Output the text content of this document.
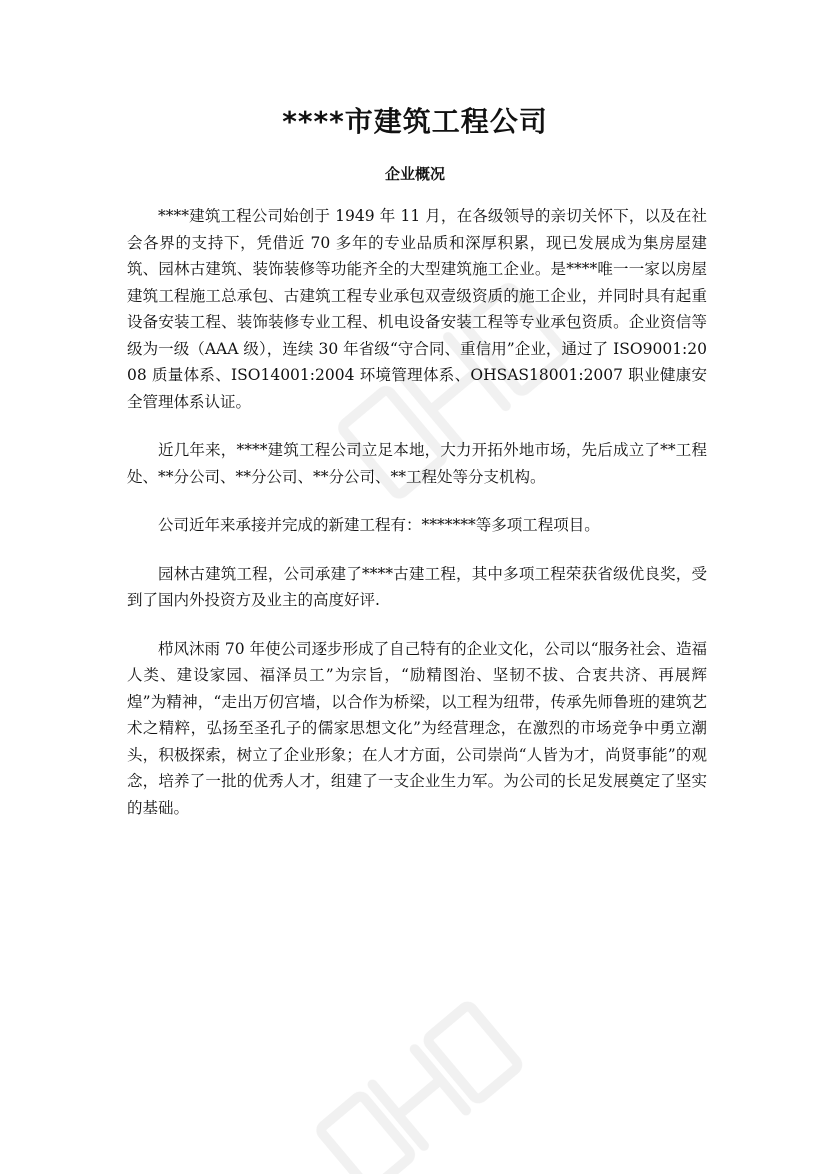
****市建筑工程公司
企业概况

****建筑工程公司始创于 1949 年 11 月，在各级领导的亲切关怀下，以及在社会各界的支持下，凭借近 70 多年的专业品质和深厚积累，现已发展成为集房屋建筑、园林古建筑、装饰装修等功能齐全的大型建筑施工企业。是****唯一一家以房屋建筑工程施工总承包、古建筑工程专业承包双壹级资质的施工企业，并同时具有起重设备安装工程、装饰装修专业工程、机电设备安装工程等专业承包资质。企业资信等级为一级（AAA 级），连续 30 年省级“守合同、重信用”企业，通过了 ISO9001:2008 质量体系、ISO14001:2004 环境管理体系、OHSAS18001:2007 职业健康安全管理体系认证。

近几年来，****建筑工程公司立足本地，大力开拓外地市场，先后成立了**工程处、**分公司、**分公司、**分公司、**工程处等分支机构。

公司近年来承接并完成的新建工程有：*******等多项工程项目。

园林古建筑工程，公司承建了****古建工程，其中多项工程荣获省级优良奖，受到了国内外投资方及业主的高度好评.

栉风沐雨 70 年使公司逐步形成了自己特有的企业文化，公司以“服务社会、造福人类、建设家园、福泽员工”为宗旨，“励精图治、坚韧不拔、合衷共济、再展辉煌”为精神，“走出万仞宫墙，以合作为桥梁，以工程为纽带，传承先师鲁班的建筑艺术之精粹，弘扬至圣孔子的儒家思想文化”为经营理念，在激烈的市场竞争中勇立潮头，积极探索，树立了企业形象；在人才方面，公司崇尚“人皆为才，尚贤事能”的观念，培养了一批的优秀人才，组建了一支企业生力军。为公司的长足发展奠定了坚实的基础。
